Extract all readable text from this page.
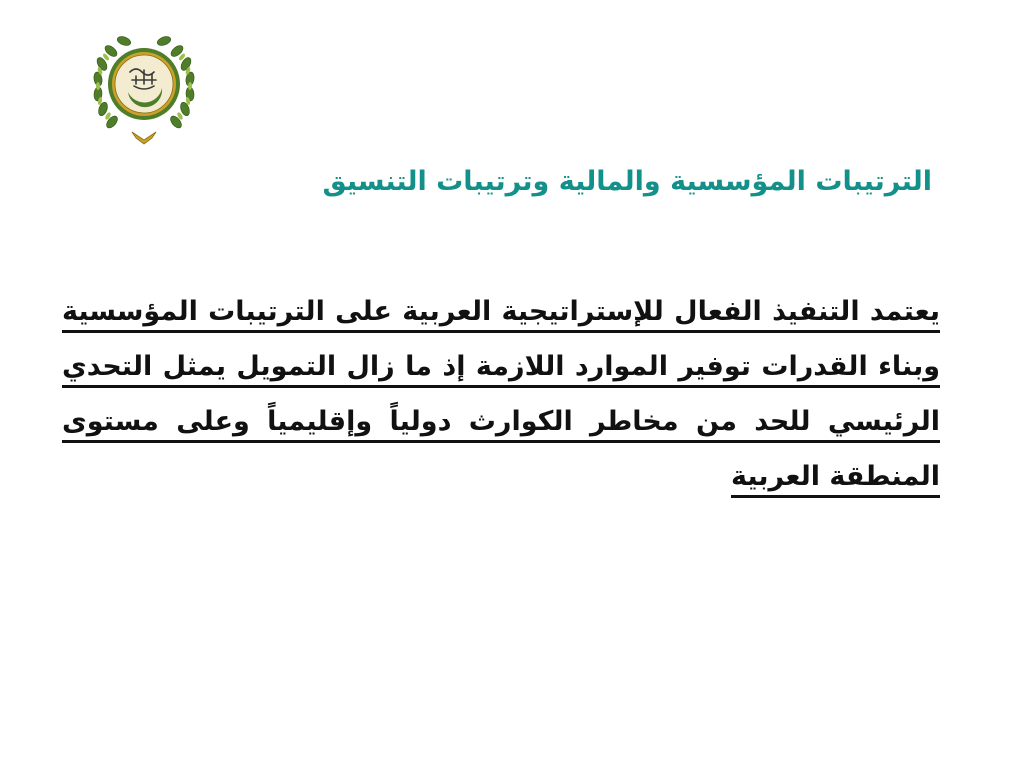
الترتيبات المؤسسية والمالية وترتيبات التنسيق
يعتمد التنفيذ الفعال للإستراتيجية العربية على الترتيبات المؤسسية وبناء القدرات توفير الموارد اللازمة إذ ما زال التمويل يمثل التحدي الرئيسي للحد من مخاطر الكوارث دولياً وإقليمياً وعلى مستوى المنطقة العربية
